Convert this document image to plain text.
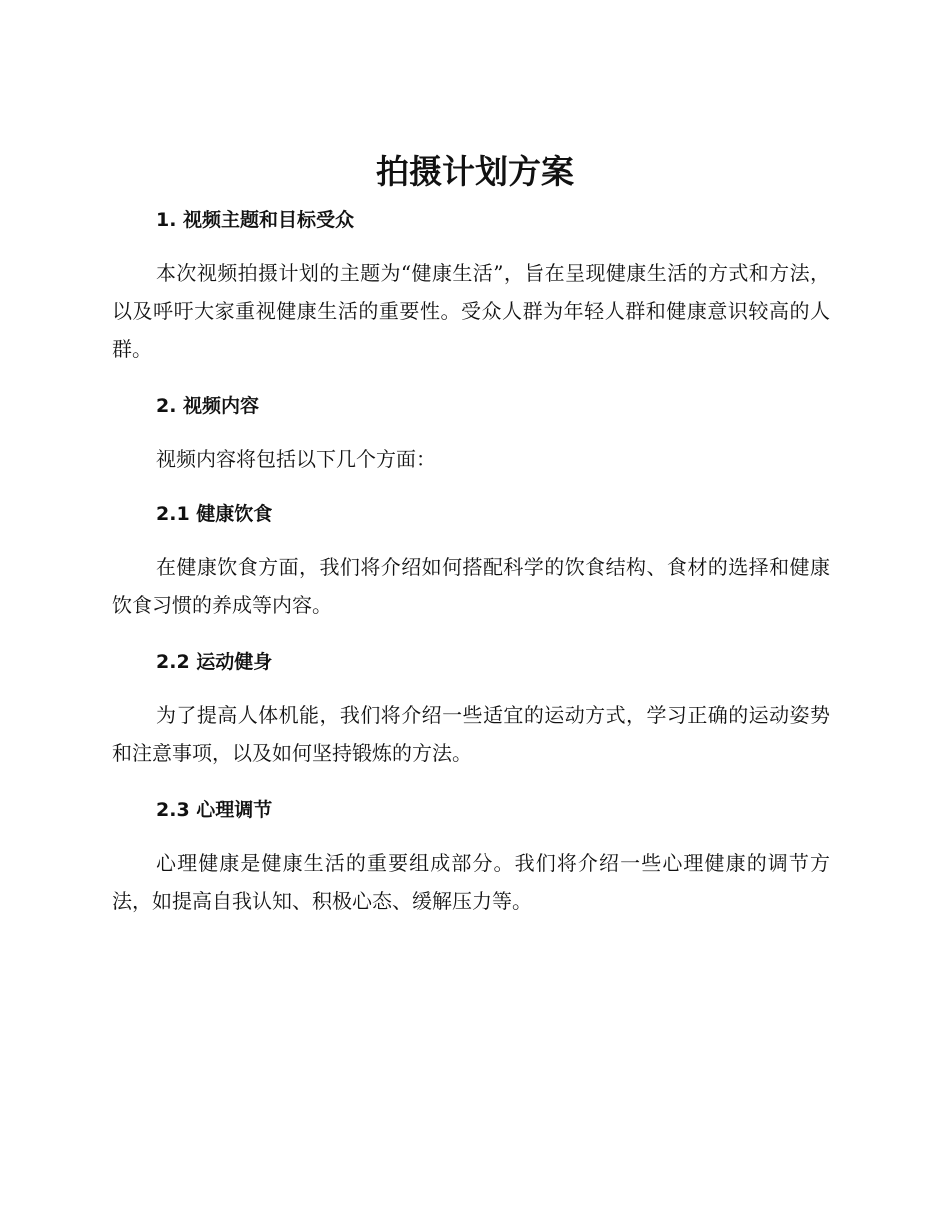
拍摄计划方案
1. 视频主题和目标受众

本次视频拍摄计划的主题为“健康生活”，旨在呈现健康生活的方式和方法，以及呼吁大家重视健康生活的重要性。受众人群为年轻人群和健康意识较高的人群。

2. 视频内容

视频内容将包括以下几个方面：

2.1 健康饮食

在健康饮食方面，我们将介绍如何搭配科学的饮食结构、食材的选择和健康饮食习惯的养成等内容。

2.2 运动健身

为了提高人体机能，我们将介绍一些适宜的运动方式，学习正确的运动姿势和注意事项，以及如何坚持锻炼的方法。

2.3 心理调节

心理健康是健康生活的重要组成部分。我们将介绍一些心理健康的调节方法，如提高自我认知、积极心态、缓解压力等。
